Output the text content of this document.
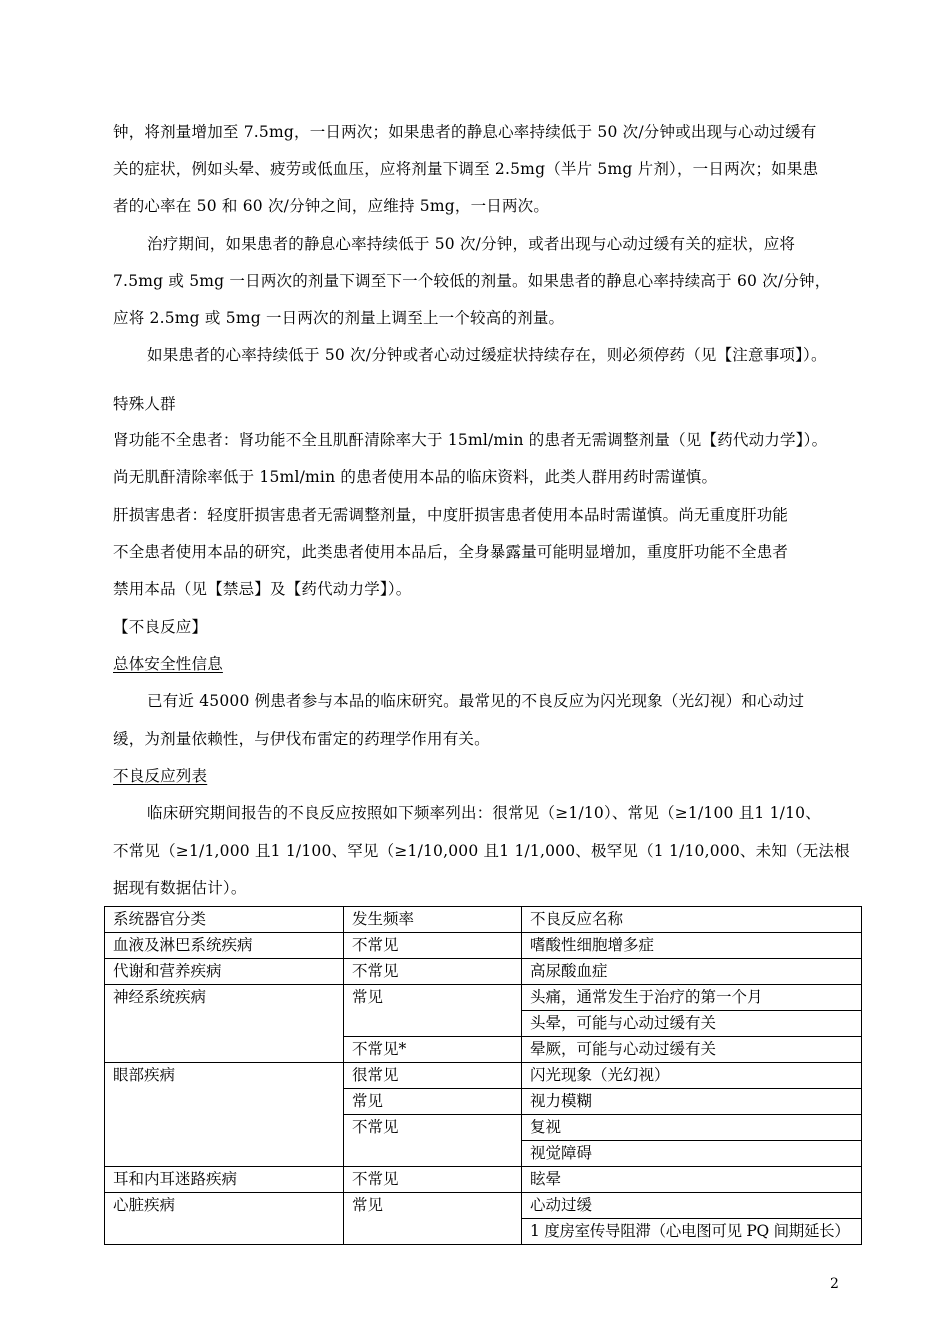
钟，将剂量增加至 7.5mg，一日两次；如果患者的静息心率持续低于 50 次/分钟或出现与心动过缓有
关的症状，例如头晕、疲劳或低血压，应将剂量下调至 2.5mg（半片 5mg 片剂），一日两次；如果患
者的心率在 50 和 60 次/分钟之间，应维持 5mg，一日两次。
治疗期间，如果患者的静息心率持续低于 50 次/分钟，或者出现与心动过缓有关的症状，应将
7.5mg 或 5mg 一日两次的剂量下调至下一个较低的剂量。如果患者的静息心率持续高于 60 次/分钟，
应将 2.5mg 或 5mg 一日两次的剂量上调至上一个较高的剂量。
如果患者的心率持续低于 50 次/分钟或者心动过缓症状持续存在，则必须停药（见【注意事项】）。
特殊人群
肾功能不全患者：肾功能不全且肌酐清除率大于 15ml/min 的患者无需调整剂量（见【药代动力学】）。
尚无肌酐清除率低于 15ml/min 的患者使用本品的临床资料，此类人群用药时需谨慎。
肝损害患者：轻度肝损害患者无需调整剂量，中度肝损害患者使用本品时需谨慎。尚无重度肝功能
不全患者使用本品的研究，此类患者使用本品后，全身暴露量可能明显增加，重度肝功能不全患者
禁用本品（见【禁忌】及【药代动力学】）。
【不良反应】
总体安全性信息
已有近 45000 例患者参与本品的临床研究。最常见的不良反应为闪光现象（光幻视）和心动过
缓，为剂量依赖性，与伊伐布雷定的药理学作用有关。
不良反应列表
临床研究期间报告的不良反应按照如下频率列出：很常见（≥1/10）、常见（≥1/100 且1 1/10、
不常见（≥1/1,000 且1 1/100、罕见（≥1/10,000 且1 1/1,000、极罕见（1 1/10,000、未知（无法根
据现有数据估计）。
系统器官分类	发生频率	不良反应名称
血液及淋巴系统疾病	不常见	嗜酸性细胞增多症
代谢和营养疾病	不常见	高尿酸血症
神经系统疾病	常见	头痛，通常发生于治疗的第一个月
		头晕，可能与心动过缓有关
	不常见*	晕厥，可能与心动过缓有关
眼部疾病	很常见	闪光现象（光幻视）
	常见	视力模糊
	不常见	复视
		视觉障碍
耳和内耳迷路疾病	不常见	眩晕
心脏疾病	常见	心动过缓
		1 度房室传导阻滞（心电图可见 PQ 间期延长）
2
